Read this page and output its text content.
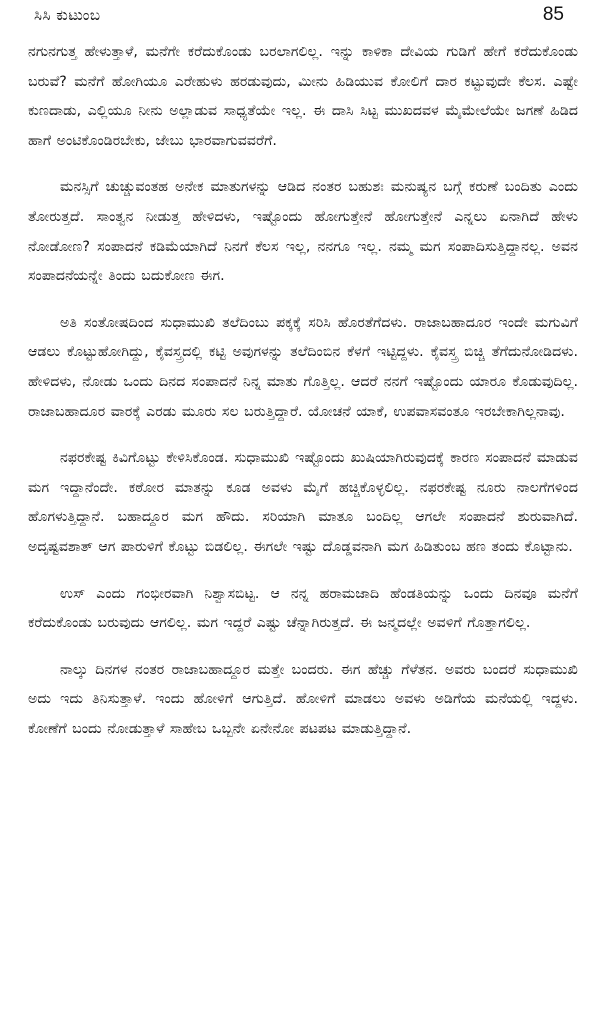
ಸಿಸಿ ಕುಟುಂಬ	85

ನಗುನಗುತ್ತ ಹೇಳುತ್ತಾಳೆ, ಮನೆಗೇ ಕರೆದುಕೊಂಡು ಬರಲಾಗಲಿಲ್ಲ. ಇನ್ನು ಕಾಳಿಕಾ ದೇವಿಯ ಗುಡಿಗೆ ಹೇಗೆ ಕರೆದುಕೊಂಡು ಬರುವೆ? ಮನೆಗೆ ಹೋಗಿಯೂ ಎರೇಹುಳು ಹರಡುವುದು, ಮೀನು ಹಿಡಿಯುವ ಕೋಲಿಗೆ ದಾರ ಕಟ್ಟುವುದೇ ಕೆಲಸ. ಎಷ್ಟೇ ಕುಣದಾಡು, ಎಲ್ಲಿಯೂ ನೀನು ಅಲ್ಲಾಡುವ ಸಾಧ್ಯತೆಯೇ ಇಲ್ಲ. ಈ ದಾಸಿ ಸಿಟ್ಟ ಮುಖದವಳ ಮೈಮೇಲೆಯೇ ಜಗಣೆ ಹಿಡಿದ ಹಾಗೆ ಅಂಟಿಕೊಂಡಿರಬೇಕು, ಜೇಬು ಭಾರವಾಗುವವರೆಗೆ.

ಮನಸ್ಸಿಗೆ ಚುಚ್ಚುವಂತಹ ಅನೇಕ ಮಾತುಗಳನ್ನು ಆಡಿದ ನಂತರ ಬಹುಶಃ ಮನುಷ್ಯನ ಬಗ್ಗೆ ಕರುಣೆ ಬಂದಿತು ಎಂದು ತೋರುತ್ತದೆ. ಸಾಂತ್ವನ ನೀಡುತ್ತ ಹೇಳಿದಳು, ಇಷ್ಟೊಂದು ಹೋಗುತ್ತೇನೆ ಹೋಗುತ್ತೇನೆ ಎನ್ನಲು ಏನಾಗಿದೆ ಹೇಳು ನೋಡೋಣ? ಸಂಪಾದನೆ ಕಡಿಮೆಯಾಗಿದೆ ನಿನಗೆ ಕೆಲಸ ಇಲ್ಲ, ನನಗೂ ಇಲ್ಲ. ನಮ್ಮ ಮಗ ಸಂಪಾದಿಸುತ್ತಿದ್ದಾನಲ್ಲ. ಅವನ ಸಂಪಾದನೆಯನ್ನೇ ತಿಂದು ಬದುಕೋಣ ಈಗ.

ಅತಿ ಸಂತೋಷದಿಂದ ಸುಧಾಮುಖಿ ತಲೆದಿಂಬು ಪಕ್ಕಕ್ಕೆ ಸರಿಸಿ ಹೊರತೆಗೆದಳು. ರಾಜಾಬಹಾದೂರ ಇಂದೇ ಮಗುವಿಗೆ ಆಡಲು ಕೊಟ್ಟುಹೋಗಿದ್ದು, ಕೈವಸ್ತ್ರದಲ್ಲಿ ಕಟ್ಟಿ ಅವುಗಳನ್ನು ತಲೆದಿಂಬಿನ ಕೆಳಗೆ ಇಟ್ಟಿದ್ದಳು. ಕೈವಸ್ತ್ರ ಬಿಚ್ಚಿ ತೆಗೆದುನೋಡಿದಳು. ಹೇಳಿದಳು, ನೋಡು ಒಂದು ದಿನದ ಸಂಪಾದನೆ ನಿನ್ನ ಮಾತು ಗೊತ್ತಿಲ್ಲ. ಆದರೆ ನನಗೆ ಇಷ್ಟೊಂದು ಯಾರೂ ಕೊಡುವುದಿಲ್ಲ. ರಾಜಾಬಹಾದೂರ ವಾರಕ್ಕೆ ಎರಡು ಮೂರು ಸಲ ಬರುತ್ತಿದ್ದಾರೆ. ಯೋಚನೆ ಯಾಕೆ, ಉಪವಾಸವಂತೂ ಇರಬೇಕಾಗಿಲ್ಲನಾವು.

ನಫರಕೇಷ್ಟ ಕಿವಿಗೊಟ್ಟು ಕೇಳಿಸಿಕೊಂಡ. ಸುಧಾಮುಖಿ ಇಷ್ಟೊಂದು ಖುಷಿಯಾಗಿರುವುದಕ್ಕೆ ಕಾರಣ ಸಂಪಾದನೆ ಮಾಡುವ ಮಗ ಇದ್ದಾನೆಂದೇ. ಕಠೋರ ಮಾತನ್ನು ಕೂಡ ಅವಳು ಮೈಗೆ ಹಚ್ಚಿಕೊಳ್ಳಲಿಲ್ಲ. ನಫರಕೇಷ್ಟ ನೂರು ನಾಲಗೆಗಳಿಂದ ಹೊಗಳುತ್ತಿದ್ದಾನೆ. ಬಹಾದ್ದೂರ ಮಗ ಹೌದು. ಸರಿಯಾಗಿ ಮಾತೂ ಬಂದಿಲ್ಲ ಆಗಲೇ ಸಂಪಾದನೆ ಶುರುವಾಗಿದೆ. ಅದೃಷ್ಟವಶಾತ್ ಆಗ ಪಾರುಳಿಗೆ ಕೊಟ್ಟು ಬಿಡಲಿಲ್ಲ. ಈಗಲೇ ಇಷ್ಟು ದೊಡ್ಡವನಾಗಿ ಮಗ ಹಿಡಿತುಂಬ ಹಣ ತಂದು ಕೊಟ್ಟಾನು.

ಉಸ್ ಎಂದು ಗಂಭೀರವಾಗಿ ನಿಶ್ವಾಸಬಿಟ್ಟ. ಆ ನನ್ನ ಹರಾಮಜಾದಿ ಹೆಂಡತಿಯನ್ನು ಒಂದು ದಿನವೂ ಮನೆಗೆ ಕರೆದುಕೊಂಡು ಬರುವುದು ಆಗಲಿಲ್ಲ. ಮಗ ಇದ್ದರೆ ಎಷ್ಟು ಚೆನ್ನಾಗಿರುತ್ತದೆ. ಈ ಜನ್ಮದಲ್ಲೇ ಅವಳಿಗೆ ಗೊತ್ತಾಗಲಿಲ್ಲ.

ನಾಲ್ಕು ದಿನಗಳ ನಂತರ ರಾಜಾಬಹಾದ್ದೂರ ಮತ್ತೇ ಬಂದರು. ಈಗ ಹೆಚ್ಚು ಗೆಳೆತನ. ಅವರು ಬಂದರೆ ಸುಧಾಮುಖಿ ಅದು ಇದು ತಿನಿಸುತ್ತಾಳೆ. ಇಂದು ಹೋಳಿಗೆ ಆಗುತ್ತಿದೆ. ಹೋಳಿಗೆ ಮಾಡಲು ಅವಳು ಅಡಿಗೆಯ ಮನೆಯಲ್ಲಿ ಇದ್ದಳು. ಕೋಣೆಗೆ ಬಂದು ನೋಡುತ್ತಾಳೆ ಸಾಹೇಬ ಒಬ್ಬನೇ ಏನೇನೋ ಪಟಪಟ ಮಾಡುತ್ತಿದ್ದಾನೆ.
